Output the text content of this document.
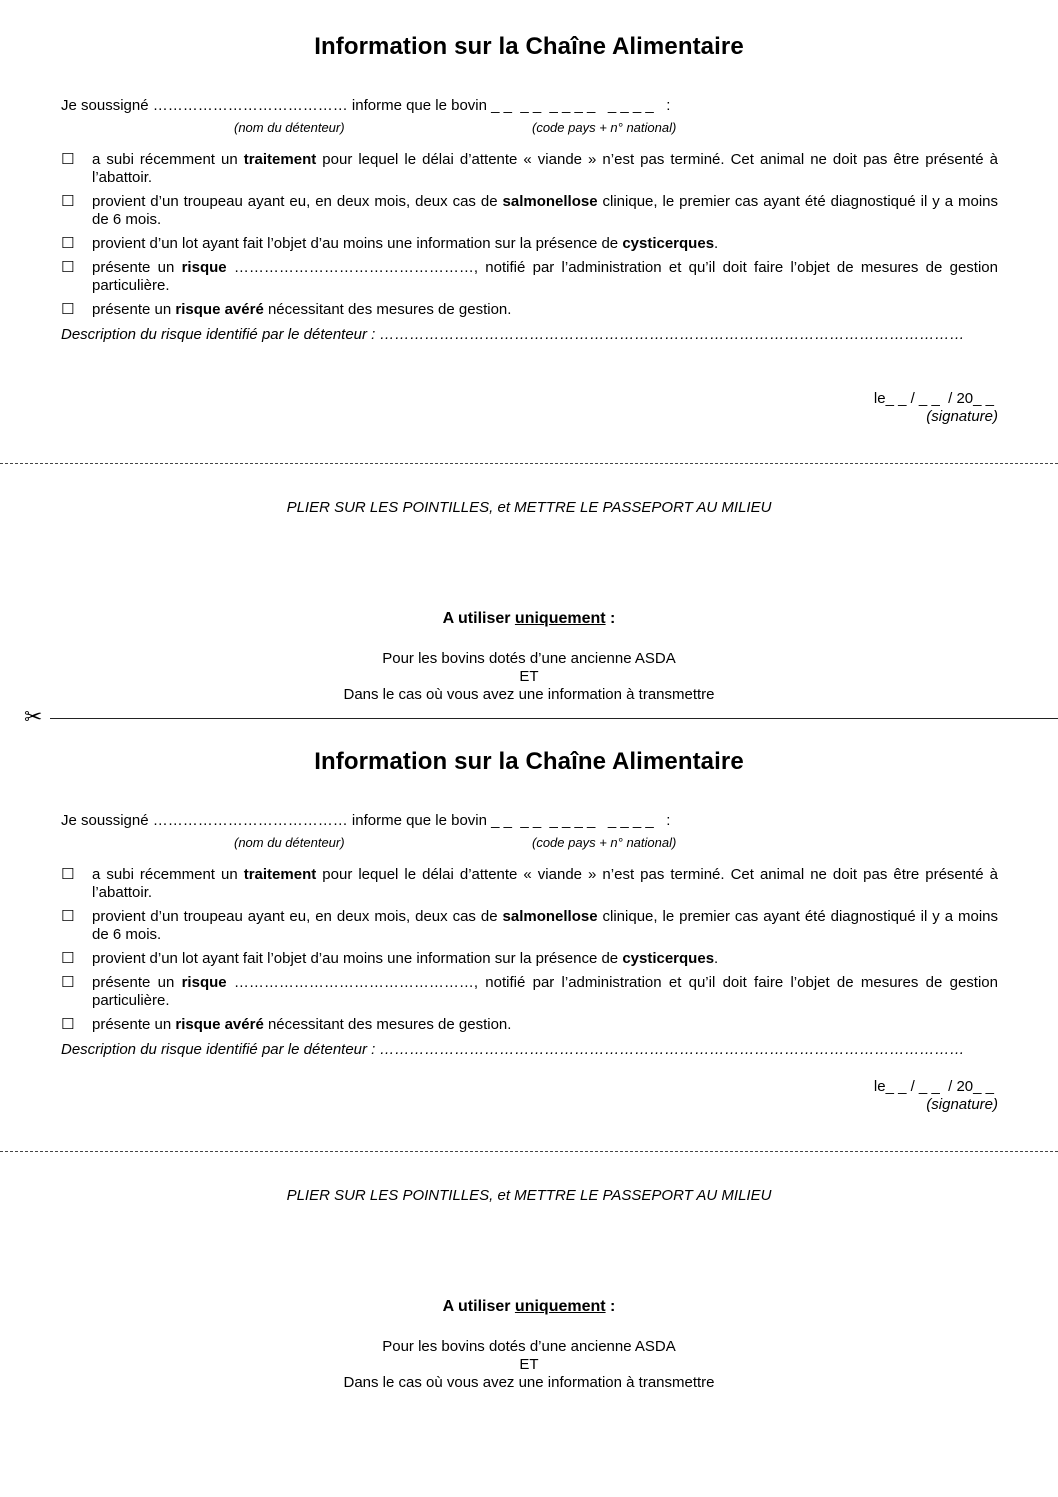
Information sur la Chaîne Alimentaire
Je soussigné ………………………………… informe que le bovin _ _  _ _  _ _ _ _   _ _ _ _   :
(nom du détenteur)	(code pays + n° national)
☐	a subi récemment un traitement pour lequel le délai d’attente « viande » n’est pas terminé. Cet animal ne doit pas être présenté à l’abattoir.
☐	provient d’un troupeau ayant eu, en deux mois, deux cas de salmonellose clinique, le premier cas ayant été diagnostiqué il y a moins de 6 mois.
☐	provient d’un lot ayant fait l’objet d’au moins une information sur la présence de cysticerques.
☐	présente un risque …………………………………………, notifié par l’administration et qu’il doit faire l’objet de mesures de gestion particulière.
☐	présente un risque avéré nécessitant des mesures de gestion.
Description du risque identifié par le détenteur : ………………………………………………………………………………………………………
le_ _ / _ _  / 20_ _
(signature)
PLIER SUR LES POINTILLES, et METTRE LE PASSEPORT AU MILIEU
A utiliser uniquement :
Pour les bovins dotés d’une ancienne ASDA
ET
Dans le cas où vous avez une information à transmettre
✂
Information sur la Chaîne Alimentaire
Je soussigné ………………………………… informe que le bovin _ _  _ _  _ _ _ _   _ _ _ _   :
(nom du détenteur)	(code pays + n° national)
☐	a subi récemment un traitement pour lequel le délai d’attente « viande » n’est pas terminé. Cet animal ne doit pas être présenté à l’abattoir.
☐	provient d’un troupeau ayant eu, en deux mois, deux cas de salmonellose clinique, le premier cas ayant été diagnostiqué il y a moins de 6 mois.
☐	provient d’un lot ayant fait l’objet d’au moins une information sur la présence de cysticerques.
☐	présente un risque …………………………………………, notifié par l’administration et qu’il doit faire l’objet de mesures de gestion particulière.
☐	présente un risque avéré nécessitant des mesures de gestion.
Description du risque identifié par le détenteur : ………………………………………………………………………………………………………
le_ _ / _ _  / 20_ _
(signature)
PLIER SUR LES POINTILLES, et METTRE LE PASSEPORT AU MILIEU
A utiliser uniquement :
Pour les bovins dotés d’une ancienne ASDA
ET
Dans le cas où vous avez une information à transmettre
